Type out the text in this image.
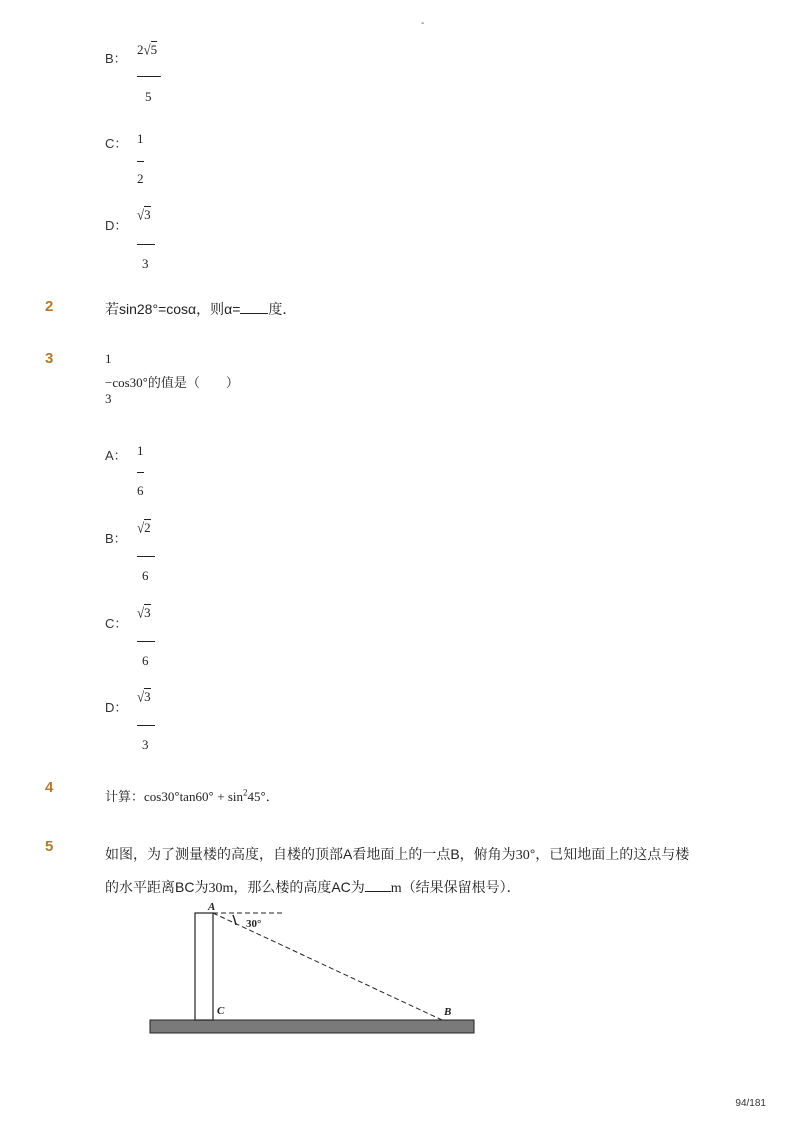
-
B：
2√5
5
C： 1
2
D：
√3
3
2	若sin28°=cosα，则α= 度．
3	1
3
−cos30°的值是（　　）
A： 1
6
B：
√2
6
C：
√3
6
D：
√3
3
4
计算：$\cos 30^\circ\tan 60^\circ + \sin^245^\circ$．
5	如图，为了测量楼的高度，自楼的顶部A看地面上的一点B，俯角为30°，已知地面上的这点与楼
的水平距离BC为30m，那么楼的高度AC为 m（结果保留根号）．
A
30°
C	B
94/181
